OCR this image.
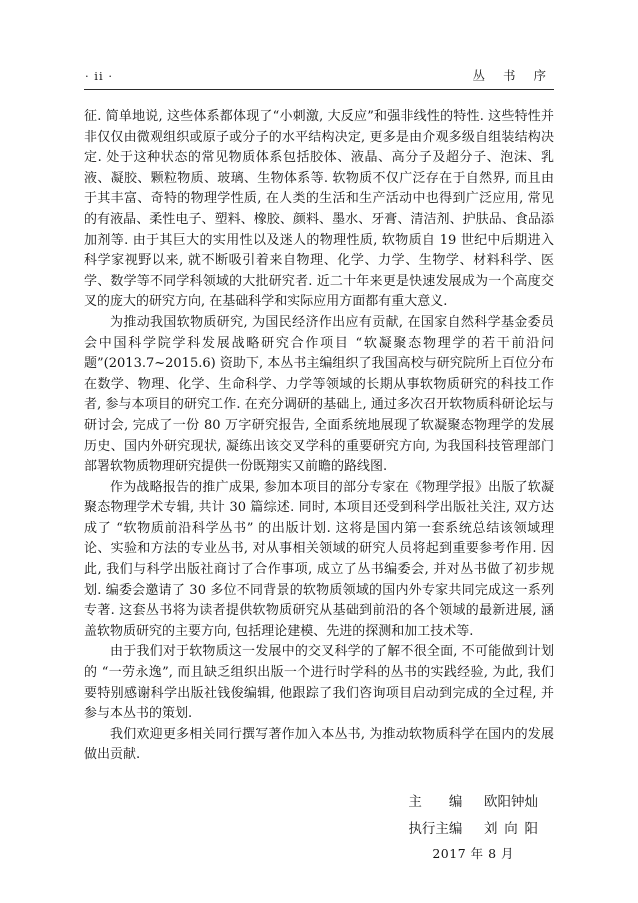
· ii ·	丛 书 序

征. 简单地说, 这些体系都体现了“小刺激, 大反应”和强非线性的特性. 这些特性并非仅仅由微观组织或原子或分子的水平结构决定, 更多是由介观多级自组装结构决定. 处于这种状态的常见物质体系包括胶体、液晶、高分子及超分子、泡沫、乳液、凝胶、颗粒物质、玻璃、生物体系等. 软物质不仅广泛存在于自然界, 而且由于其丰富、奇特的物理学性质, 在人类的生活和生产活动中也得到广泛应用, 常见的有液晶、柔性电子、塑料、橡胶、颜料、墨水、牙膏、清洁剂、护肤品、食品添加剂等. 由于其巨大的实用性以及迷人的物理性质, 软物质自 19 世纪中后期进入科学家视野以来, 就不断吸引着来自物理、化学、力学、生物学、材料科学、医学、数学等不同学科领域的大批研究者. 近二十年来更是快速发展成为一个高度交叉的庞大的研究方向, 在基础科学和实际应用方面都有重大意义.

为推动我国软物质研究, 为国民经济作出应有贡献, 在国家自然科学基金委员会中国科学院学科发展战略研究合作项目 “软凝聚态物理学的若干前沿问题”(2013.7~2015.6) 资助下, 本丛书主编组织了我国高校与研究院所上百位分布在数学、物理、化学、生命科学、力学等领域的长期从事软物质研究的科技工作者, 参与本项目的研究工作. 在充分调研的基础上, 通过多次召开软物质科研论坛与研讨会, 完成了一份 80 万字研究报告, 全面系统地展现了软凝聚态物理学的发展历史、国内外研究现状, 凝练出该交叉学科的重要研究方向, 为我国科技管理部门部署软物质物理研究提供一份既翔实又前瞻的路线图.

作为战略报告的推广成果, 参加本项目的部分专家在《物理学报》出版了软凝聚态物理学术专辑, 共计 30 篇综述. 同时, 本项目还受到科学出版社关注, 双方达成了 “软物质前沿科学丛书” 的出版计划. 这将是国内第一套系统总结该领域理论、实验和方法的专业丛书, 对从事相关领域的研究人员将起到重要参考作用. 因此, 我们与科学出版社商讨了合作事项, 成立了丛书编委会, 并对丛书做了初步规划. 编委会邀请了 30 多位不同背景的软物质领域的国内外专家共同完成这一系列专著. 这套丛书将为读者提供软物质研究从基础到前沿的各个领域的最新进展, 涵盖软物质研究的主要方向, 包括理论建模、先进的探测和加工技术等.

由于我们对于软物质这一发展中的交叉科学的了解不很全面, 不可能做到计划的 “一劳永逸”, 而且缺乏组织出版一个进行时学科的丛书的实践经验, 为此, 我们要特别感谢科学出版社钱俊编辑, 他跟踪了我们咨询项目启动到完成的全过程, 并参与本丛书的策划.

我们欢迎更多相关同行撰写著作加入本丛书, 为推动软物质科学在国内的发展做出贡献.

主编 欧阳钟灿
执行主编 刘向阳
2017 年 8 月
